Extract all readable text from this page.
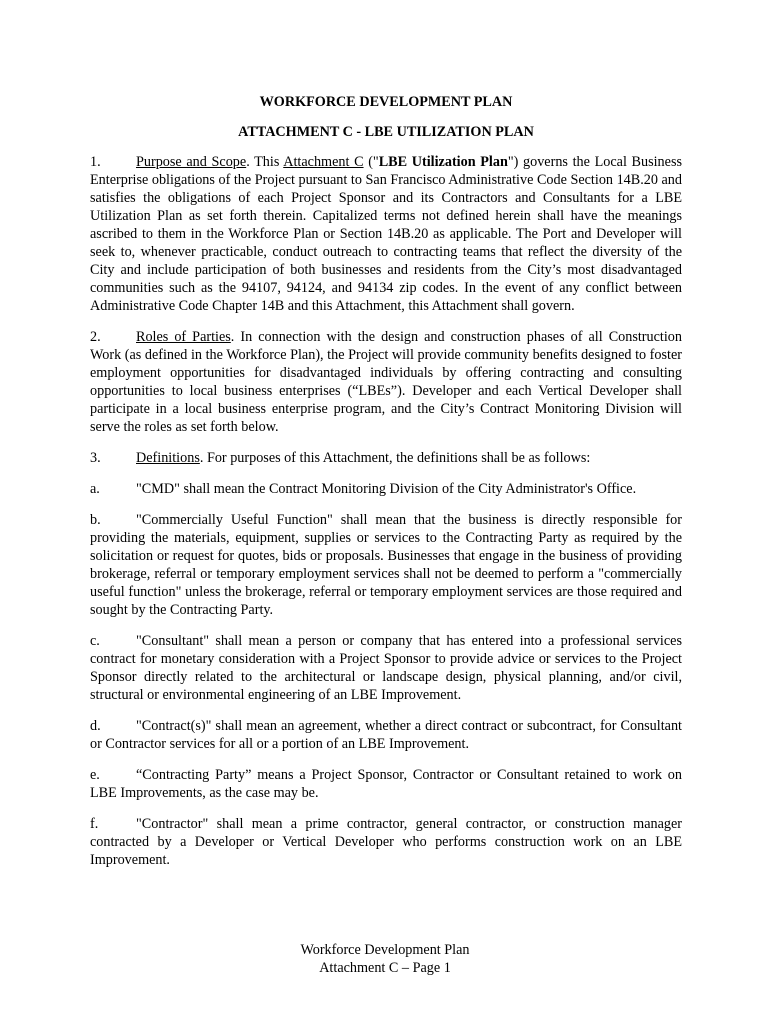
WORKFORCE DEVELOPMENT PLAN
ATTACHMENT C - LBE UTILIZATION PLAN

1. Purpose and Scope. This Attachment C ("LBE Utilization Plan") governs the Local Business Enterprise obligations of the Project pursuant to San Francisco Administrative Code Section 14B.20 and satisfies the obligations of each Project Sponsor and its Contractors and Consultants for a LBE Utilization Plan as set forth therein. Capitalized terms not defined herein shall have the meanings ascribed to them in the Workforce Plan or Section 14B.20 as applicable. The Port and Developer will seek to, whenever practicable, conduct outreach to contracting teams that reflect the diversity of the City and include participation of both businesses and residents from the City’s most disadvantaged communities such as the 94107, 94124, and 94134 zip codes. In the event of any conflict between Administrative Code Chapter 14B and this Attachment, this Attachment shall govern.

2. Roles of Parties. In connection with the design and construction phases of all Construction Work (as defined in the Workforce Plan), the Project will provide community benefits designed to foster employment opportunities for disadvantaged individuals by offering contracting and consulting opportunities to local business enterprises (“LBEs”). Developer and each Vertical Developer shall participate in a local business enterprise program, and the City’s Contract Monitoring Division will serve the roles as set forth below.

3. Definitions. For purposes of this Attachment, the definitions shall be as follows:

a.	"CMD" shall mean the Contract Monitoring Division of the City Administrator's Office.

b. "Commercially Useful Function" shall mean that the business is directly responsible for providing the materials, equipment, supplies or services to the Contracting Party as required by the solicitation or request for quotes, bids or proposals. Businesses that engage in the business of providing brokerage, referral or temporary employment services shall not be deemed to perform a "commercially useful function" unless the brokerage, referral or temporary employment services are those required and sought by the Contracting Party.

c.	"Consultant" shall mean a person or company that has entered into a professional services contract for monetary consideration with a Project Sponsor to provide advice or services to the Project Sponsor directly related to the architectural or landscape design, physical planning, and/or civil, structural or environmental engineering of an LBE Improvement.

d. "Contract(s)" shall mean an agreement, whether a direct contract or subcontract, for Consultant or Contractor services for all or a portion of an LBE Improvement.

e.	“Contracting Party” means a Project Sponsor, Contractor or Consultant retained to work on LBE Improvements, as the case may be.

f.	"Contractor" shall mean a prime contractor, general contractor, or construction manager contracted by a Developer or Vertical Developer who performs construction work on an LBE Improvement.

Workforce Development Plan
Attachment C – Page 1
